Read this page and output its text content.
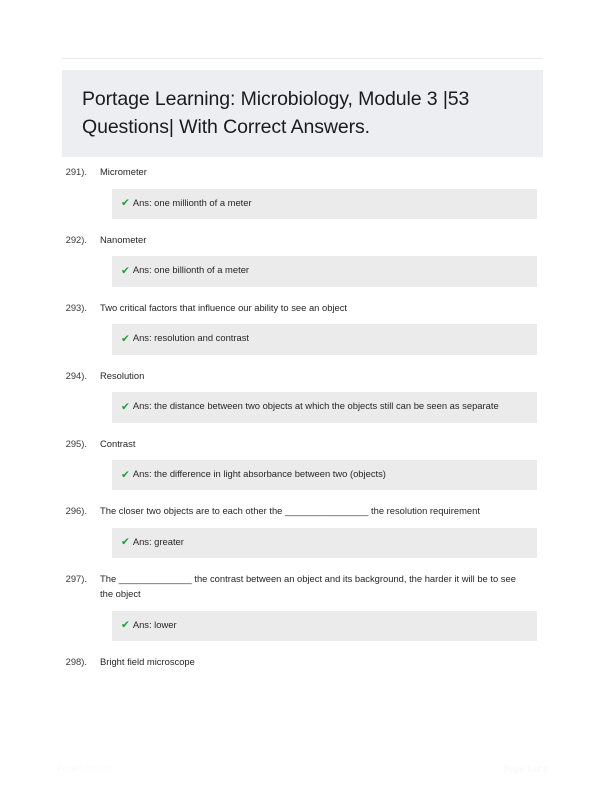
Portage Learning: Microbiology, Module 3 |53 Questions| With Correct Answers.
291).	Micrometer
✔ Ans: one millionth of a meter
292).	Nanometer
✔ Ans: one billionth of a meter
293).	Two critical factors that influence our ability to see an object
✔ Ans: resolution and contrast
294).	Resolution
✔ Ans: the distance between two objects at which the objects still can be seen as separate
295).	Contrast
✔ Ans: the difference in light absorbance between two (objects)
296).	The closer two objects are to each other the ________________ the resolution requirement
✔ Ans: greater
297).	The ______________ the contrast between an object and its background, the harder it will be to see the object
✔ Ans: lower
298).	Bright field microscope
PaperStillc.com	Page 1 of 8
